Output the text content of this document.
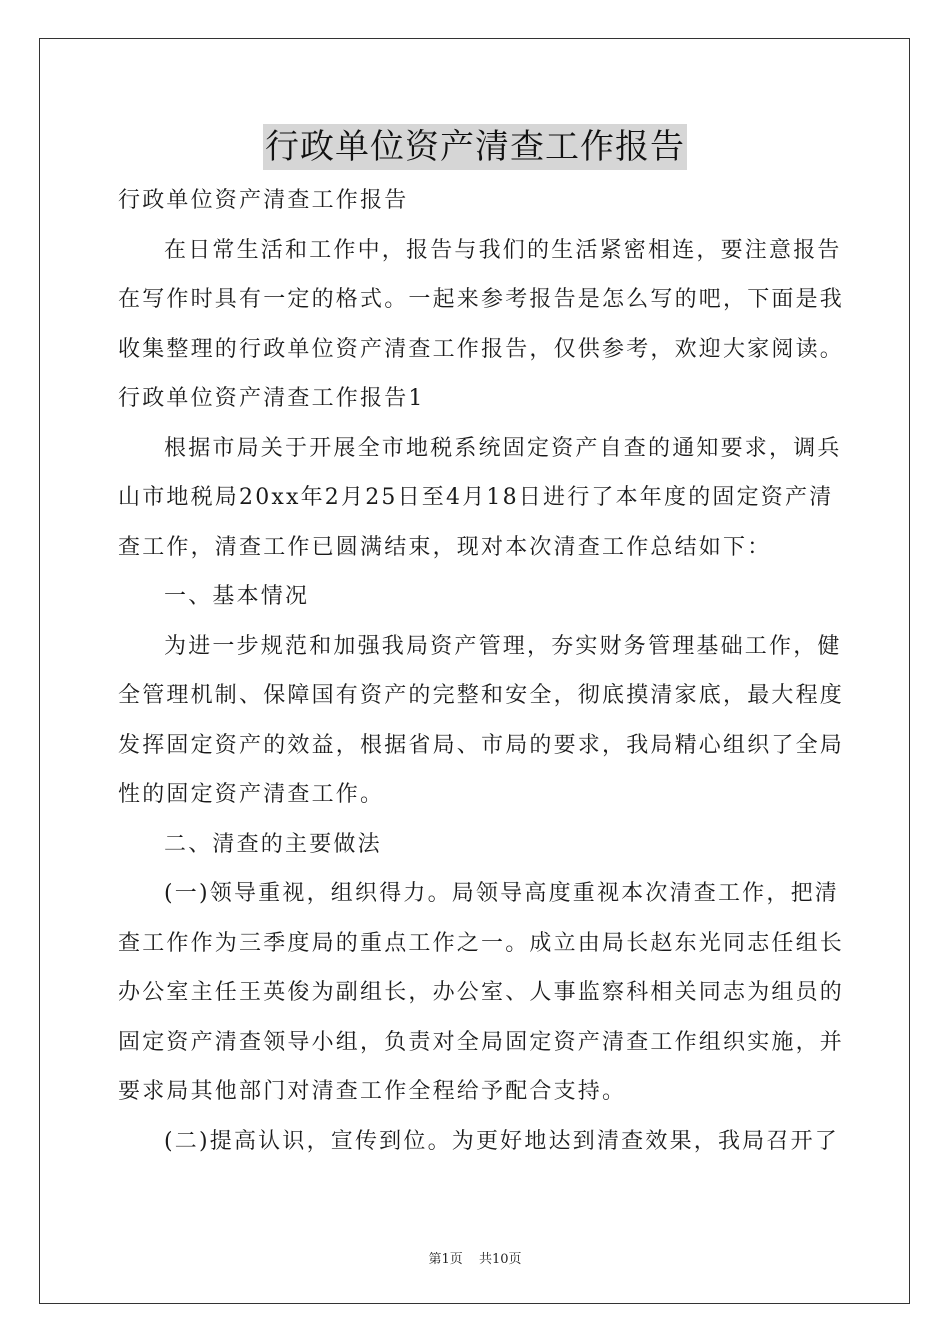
行政单位资产清查工作报告
行政单位资产清查工作报告
在日常生活和工作中，报告与我们的生活紧密相连，要注意报告
在写作时具有一定的格式。一起来参考报告是怎么写的吧，下面是我
收集整理的行政单位资产清查工作报告，仅供参考，欢迎大家阅读。
行政单位资产清查工作报告1
根据市局关于开展全市地税系统固定资产自查的通知要求，调兵
山市地税局20xx年2月25日至4月18日进行了本年度的固定资产清
查工作，清查工作已圆满结束，现对本次清查工作总结如下：
一、基本情况
为进一步规范和加强我局资产管理，夯实财务管理基础工作，健
全管理机制、保障国有资产的完整和安全，彻底摸清家底，最大程度
发挥固定资产的效益，根据省局、市局的要求，我局精心组织了全局
性的固定资产清查工作。
二、清查的主要做法
(一)领导重视，组织得力。局领导高度重视本次清查工作，把清
查工作作为三季度局的重点工作之一。成立由局长赵东光同志任组长
办公室主任王英俊为副组长，办公室、人事监察科相关同志为组员的
固定资产清查领导小组，负责对全局固定资产清查工作组织实施，并
要求局其他部门对清查工作全程给予配合支持。
(二)提高认识，宣传到位。为更好地达到清查效果，我局召开了
第1页 共10页
